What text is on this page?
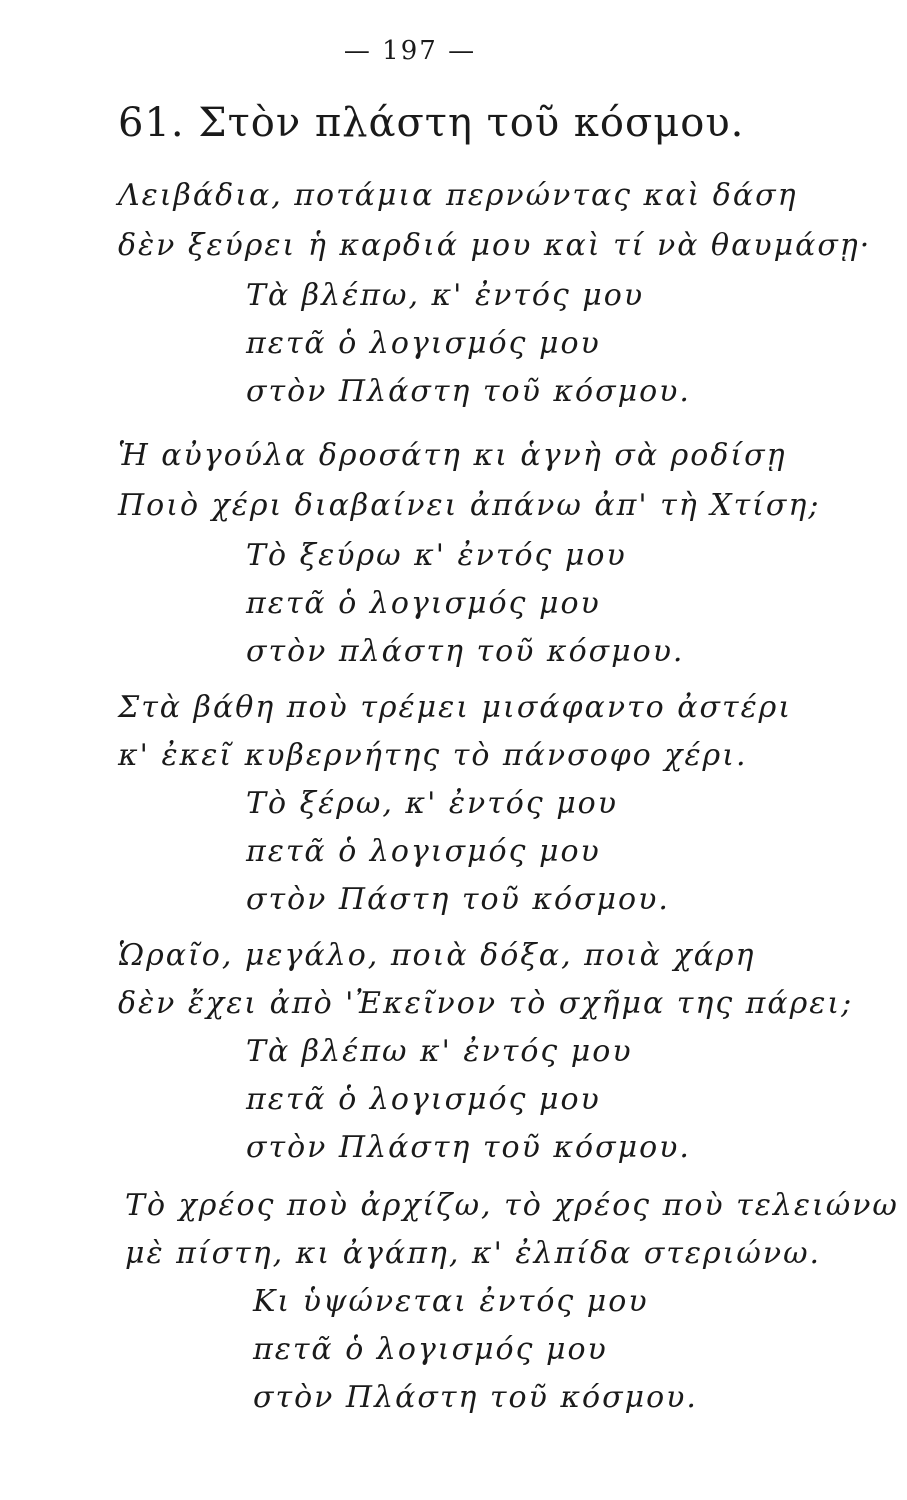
— 197 —
61. Στὸν πλάστη τοῦ κόσμου.
Λειβάδια, ποτάμια περνώντας καὶ δάση
δὲν ξεύρει ἡ καρδιά μου καὶ τί νὰ θαυμάσῃ·
Τὰ βλέπω, κ' ἐντός μου
πετᾶ ὁ λογισμός μου
στὸν Πλάστη τοῦ κόσμου.
Ἡ αὐγούλα δροσάτη κι ἁγνὴ σὰ ροδίσῃ
Ποιὸ χέρι διαβαίνει ἀπάνω ἀπ' τὴ Χτίση;
Τὸ ξεύρω κ' ἐντός μου
πετᾶ ὁ λογισμός μου
στὸν πλάστη τοῦ κόσμου.
Στὰ βάθη ποὺ τρέμει μισάφαντο ἀστέρι
κ' ἐκεῖ κυβερνήτης τὸ πάνσοφο χέρι.
Τὸ ξέρω, κ' ἐντός μου
πετᾶ ὁ λογισμός μου
στὸν Πάστη τοῦ κόσμου.
Ὡραῖο, μεγάλο, ποιὰ δόξα, ποιὰ χάρη
δὲν ἔχει ἀπὸ 'Ἐκεῖνον τὸ σχῆμα της πάρει;
Τὰ βλέπω κ' ἐντός μου
πετᾶ ὁ λογισμός μου
στὸν Πλάστη τοῦ κόσμου.
Τὸ χρέος ποὺ ἀρχίζω, τὸ χρέος ποὺ τελειώνω
μὲ πίστη, κι ἀγάπη, κ' ἐλπίδα στεριώνω.
Κι ὑψώνεται ἐντός μου
πετᾶ ὁ λογισμός μου
στὸν Πλάστη τοῦ κόσμου.
